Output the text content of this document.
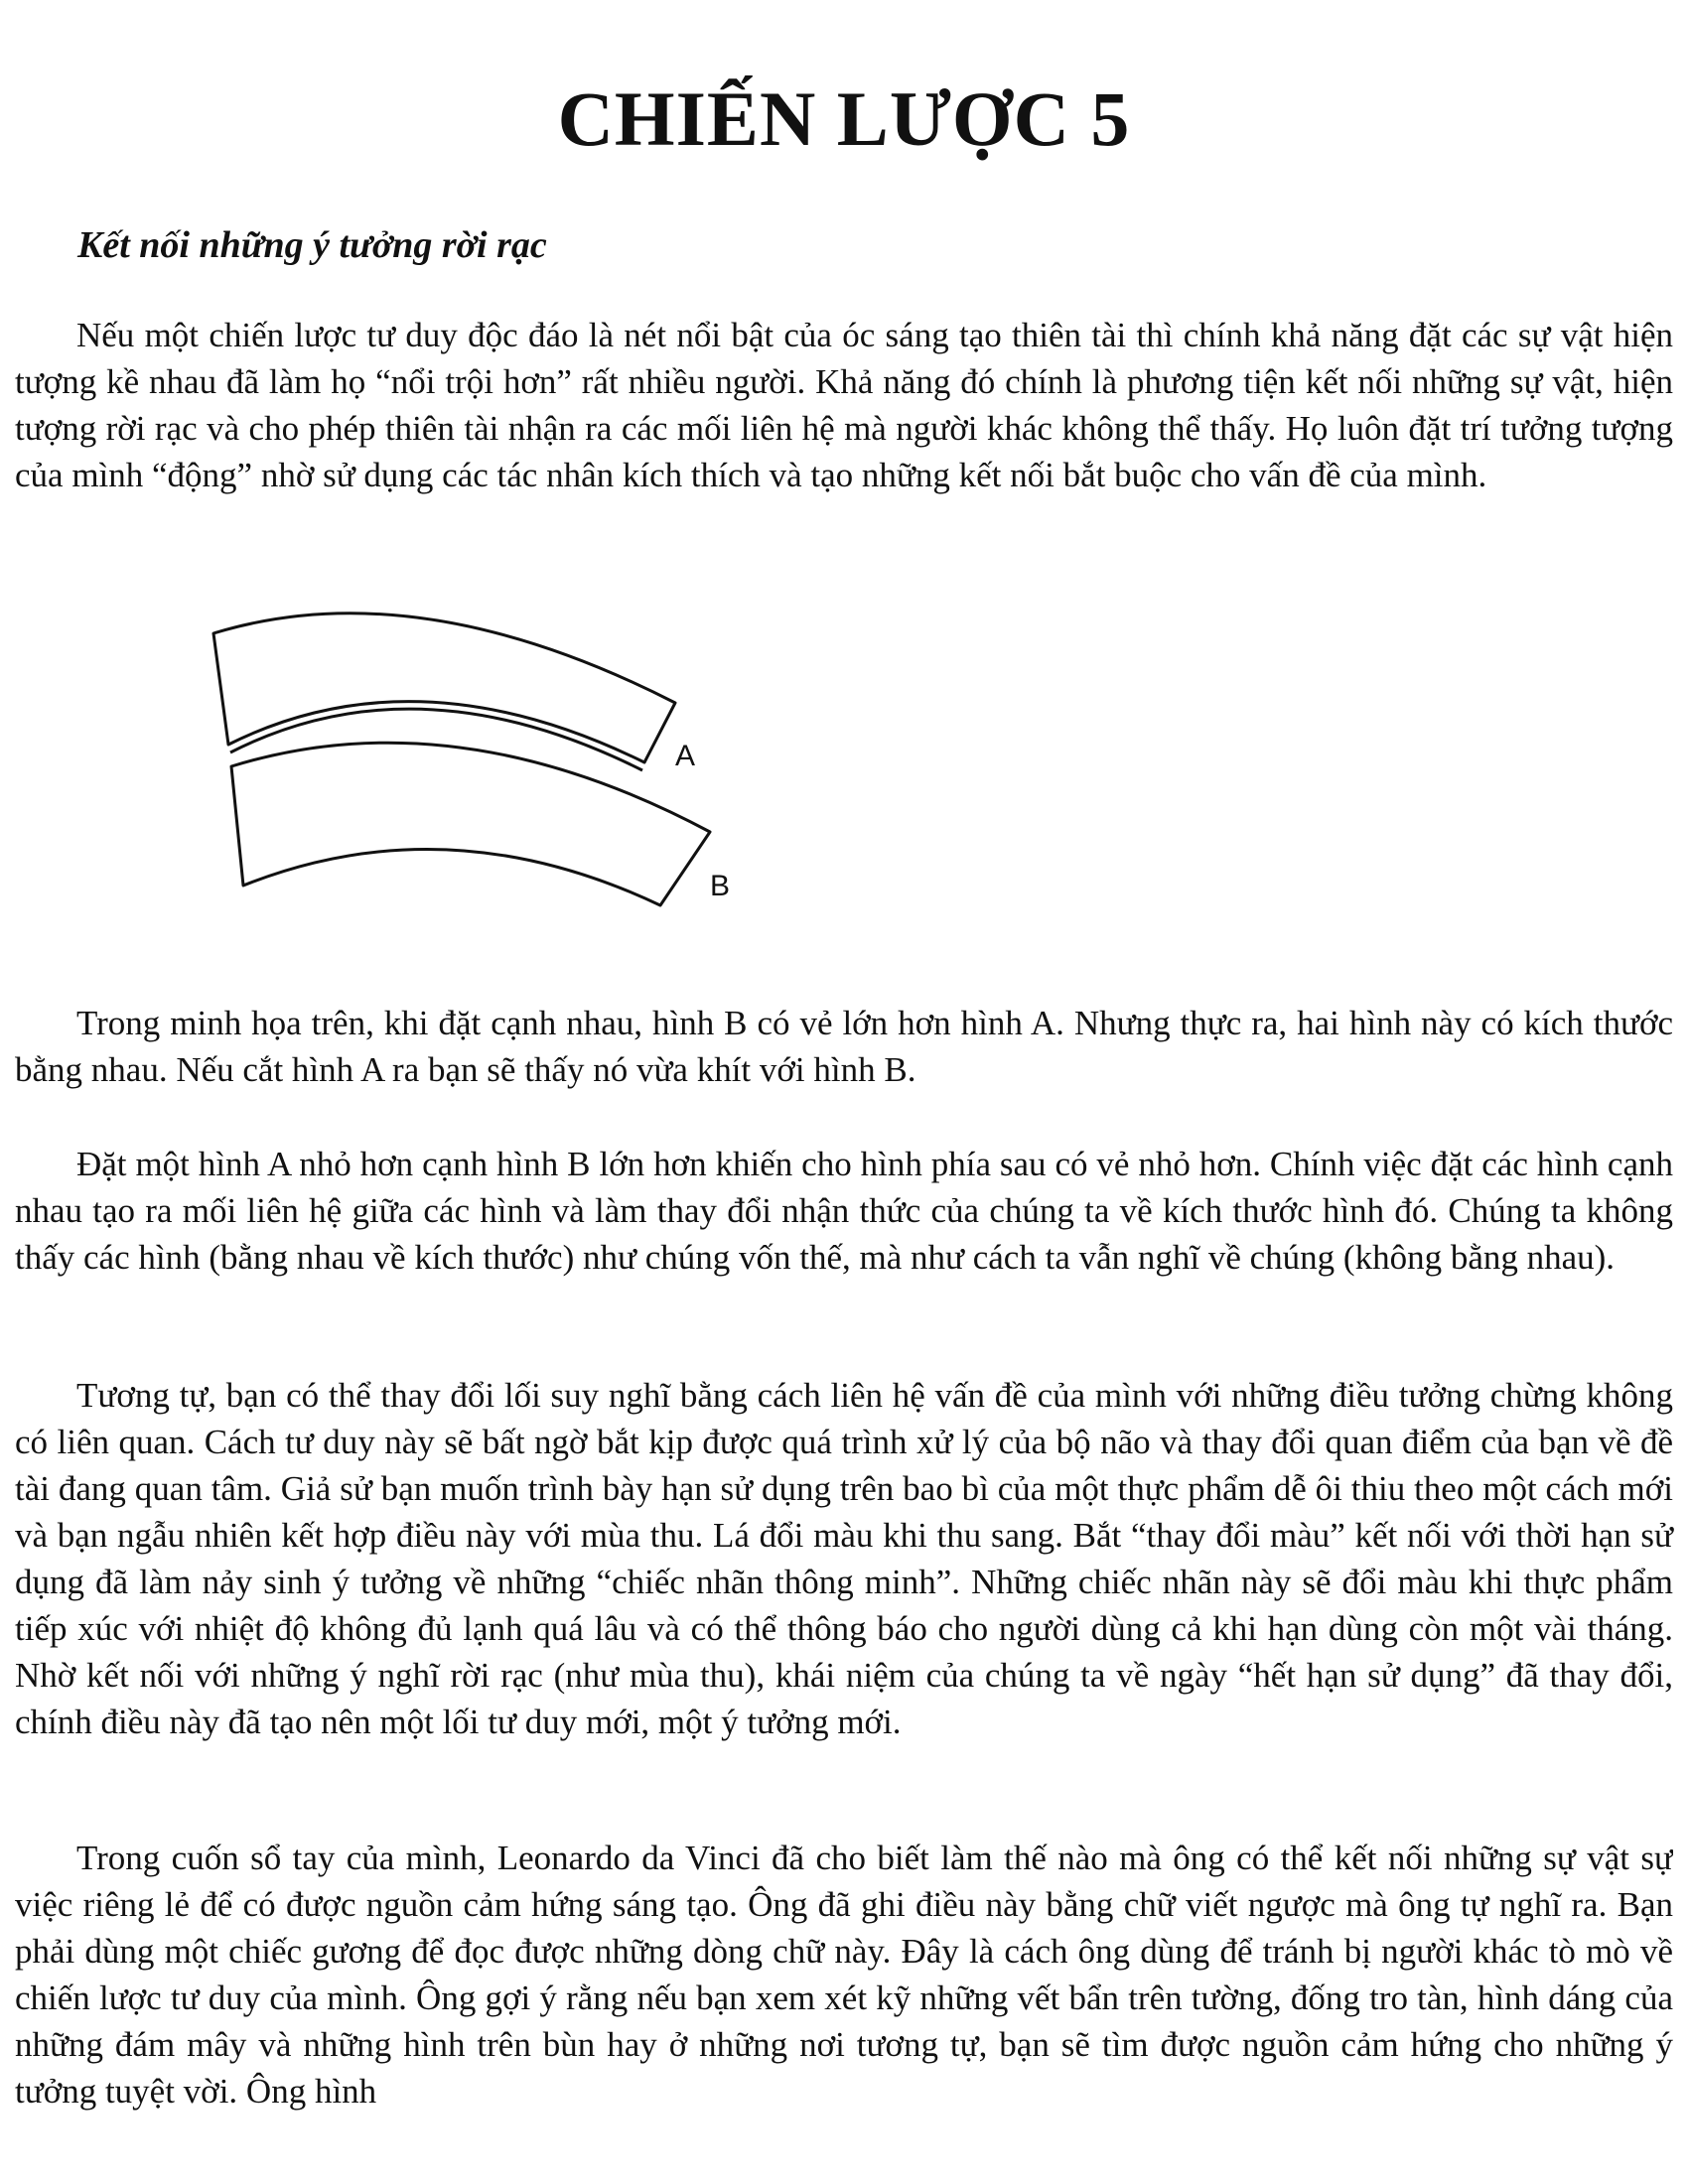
CHIẾN LƯỢC 5
Kết nối những ý tưởng rời rạc

Nếu một chiến lược tư duy độc đáo là nét nổi bật của óc sáng tạo thiên tài thì chính khả năng đặt các sự vật hiện tượng kề nhau đã làm họ “nổi trội hơn” rất nhiều người. Khả năng đó chính là phương tiện kết nối những sự vật, hiện tượng rời rạc và cho phép thiên tài nhận ra các mối liên hệ mà người khác không thể thấy. Họ luôn đặt trí tưởng tượng của mình “động” nhờ sử dụng các tác nhân kích thích và tạo những kết nối bắt buộc cho vấn đề của mình.

A
B

Trong minh họa trên, khi đặt cạnh nhau, hình B có vẻ lớn hơn hình A. Nhưng thực ra, hai hình này có kích thước bằng nhau. Nếu cắt hình A ra bạn sẽ thấy nó vừa khít với hình B.

Đặt một hình A nhỏ hơn cạnh hình B lớn hơn khiến cho hình phía sau có vẻ nhỏ hơn. Chính việc đặt các hình cạnh nhau tạo ra mối liên hệ giữa các hình và làm thay đổi nhận thức của chúng ta về kích thước hình đó. Chúng ta không thấy các hình (bằng nhau về kích thước) như chúng vốn thế, mà như cách ta vẫn nghĩ về chúng (không bằng nhau).

Tương tự, bạn có thể thay đổi lối suy nghĩ bằng cách liên hệ vấn đề của mình với những điều tưởng chừng không có liên quan. Cách tư duy này sẽ bất ngờ bắt kịp được quá trình xử lý của bộ não và thay đổi quan điểm của bạn về đề tài đang quan tâm. Giả sử bạn muốn trình bày hạn sử dụng trên bao bì của một thực phẩm dễ ôi thiu theo một cách mới và bạn ngẫu nhiên kết hợp điều này với mùa thu. Lá đổi màu khi thu sang. Bắt “thay đổi màu” kết nối với thời hạn sử dụng đã làm nảy sinh ý tưởng về những “chiếc nhãn thông minh”. Những chiếc nhãn này sẽ đổi màu khi thực phẩm tiếp xúc với nhiệt độ không đủ lạnh quá lâu và có thể thông báo cho người dùng cả khi hạn dùng còn một vài tháng. Nhờ kết nối với những ý nghĩ rời rạc (như mùa thu), khái niệm của chúng ta về ngày “hết hạn sử dụng” đã thay đổi, chính điều này đã tạo nên một lối tư duy mới, một ý tưởng mới.

Trong cuốn sổ tay của mình, Leonardo da Vinci đã cho biết làm thế nào mà ông có thể kết nối những sự vật sự việc riêng lẻ để có được nguồn cảm hứng sáng tạo. Ông đã ghi điều này bằng chữ viết ngược mà ông tự nghĩ ra. Bạn phải dùng một chiếc gương để đọc được những dòng chữ này. Đây là cách ông dùng để tránh bị người khác tò mò về chiến lược tư duy của mình. Ông gợi ý rằng nếu bạn xem xét kỹ những vết bẩn trên tường, đống tro tàn, hình dáng của những đám mây và những hình trên bùn hay ở những nơi tương tự, bạn sẽ tìm được nguồn cảm hứng cho những ý tưởng tuyệt vời. Ông hình
